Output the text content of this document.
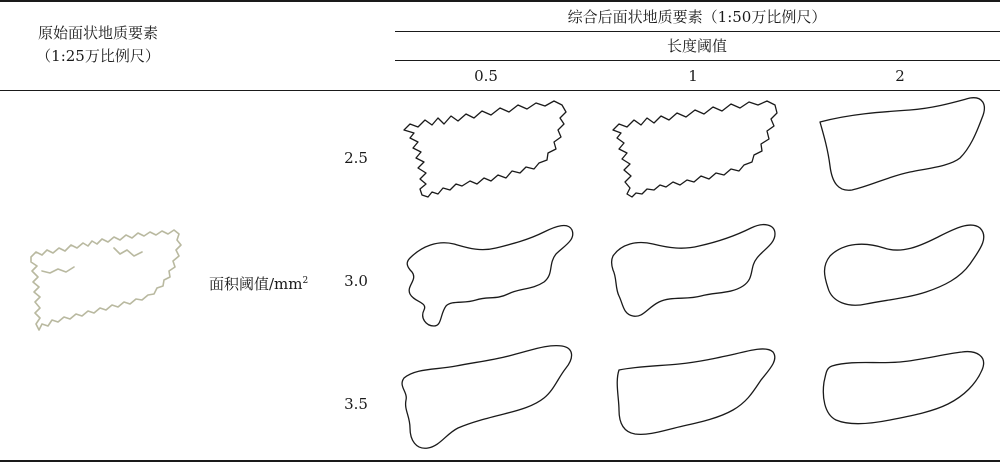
原始面状地质要素
（1:25万比例尺）
综合后面状地质要素（1:50万比例尺）
长度阈值
0.5	1	2
面积阈值$/mm^2$
2.5
3.0
3.5
